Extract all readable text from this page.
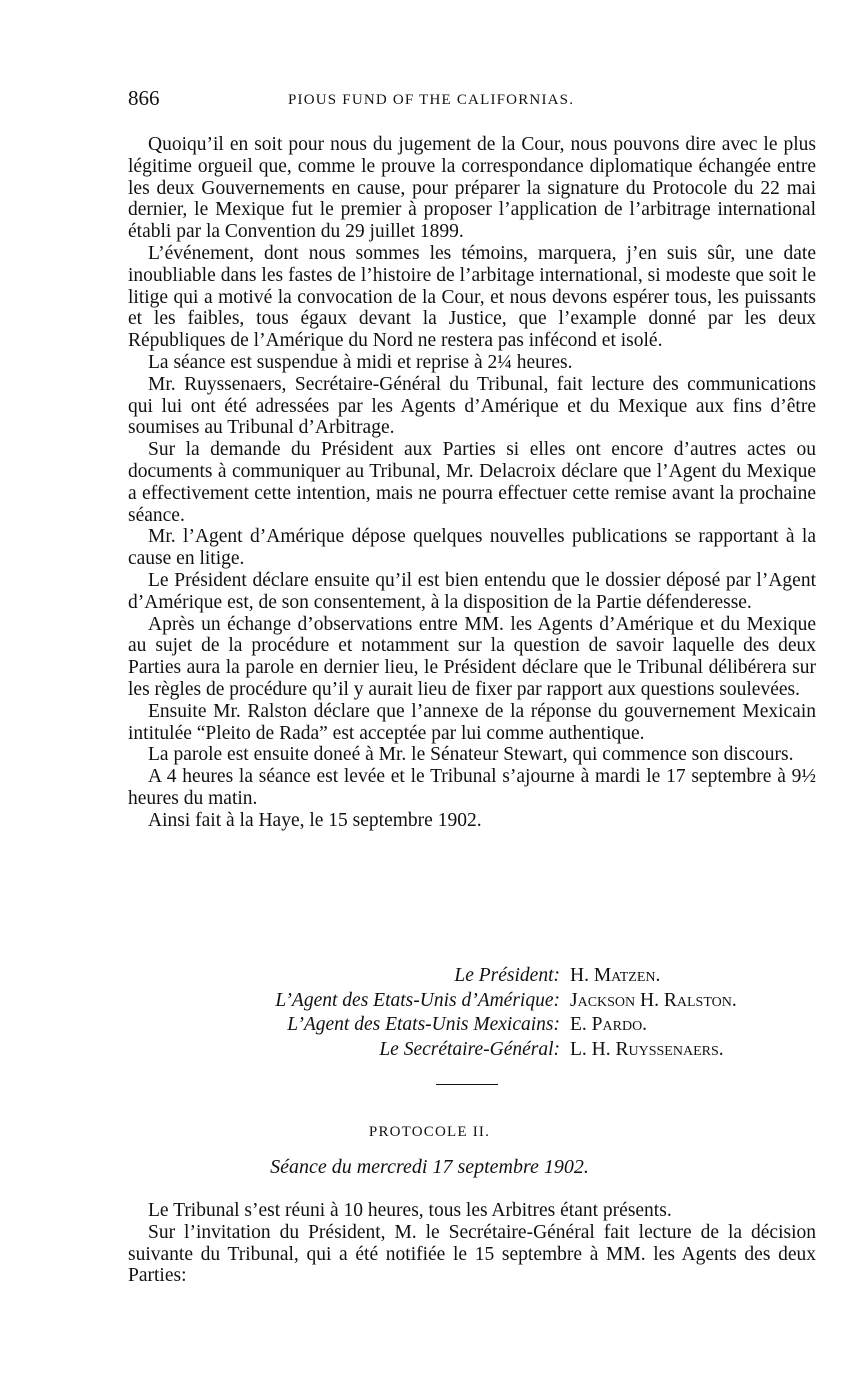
866	PIOUS FUND OF THE CALIFORNIAS.

Quoiqu’il en soit pour nous du jugement de la Cour, nous pouvons dire avec le plus légitime orgueil que, comme le prouve la correspondance diplomatique échangée entre les deux Gouvernements en cause, pour préparer la signature du Protocole du 22 mai dernier, le Mexique fut le premier à proposer l’application de l’arbitrage international établi par la Convention du 29 juillet 1899.

L’événement, dont nous sommes les témoins, marquera, j’en suis sûr, une date inoubliable dans les fastes de l’histoire de l’arbitage international, si modeste que soit le litige qui a motivé la convocation de la Cour, et nous devons espérer tous, les puissants et les faibles, tous égaux devant la Justice, que l’example donné par les deux Républiques de l’Amérique du Nord ne restera pas infécond et isolé.

La séance est suspendue à midi et reprise à 2¼ heures.

Mr. Ruyssenaers, Secrétaire-Général du Tribunal, fait lecture des communications qui lui ont été adressées par les Agents d’Amérique et du Mexique aux fins d’être soumises au Tribunal d’Arbitrage.

Sur la demande du Président aux Parties si elles ont encore d’autres actes ou documents à communiquer au Tribunal, Mr. Delacroix déclare que l’Agent du Mexique a effectivement cette intention, mais ne pourra effectuer cette remise avant la prochaine séance.

Mr. l’Agent d’Amérique dépose quelques nouvelles publications se rapportant à la cause en litige.

Le Président déclare ensuite qu’il est bien entendu que le dossier déposé par l’Agent d’Amérique est, de son consentement, à la disposition de la Partie défenderesse.

Après un échange d’observations entre MM. les Agents d’Amérique et du Mexique au sujet de la procédure et notamment sur la question de savoir laquelle des deux Parties aura la parole en dernier lieu, le Président déclare que le Tribunal délibérera sur les règles de procédure qu’il y aurait lieu de fixer par rapport aux questions soulevées.

Ensuite Mr. Ralston déclare que l’annexe de la réponse du gouvernement Mexicain intitulée “Pleito de Rada” est acceptée par lui comme authentique.

La parole est ensuite doneé à Mr. le Sénateur Stewart, qui commence son discours.

A 4 heures la séance est levée et le Tribunal s’ajourne à mardi le 17 septembre à 9½ heures du matin.

Ainsi fait à la Haye, le 15 septembre 1902.

Le Président:	H. Matzen.
L’Agent des Etats-Unis d’Amérique:	Jackson H. Ralston.
L’Agent des Etats-Unis Mexicains:	E. Pardo.
Le Secrétaire-Général:	L. H. Ruyssenaers.
PROTOCOLE II.
Séance du mercredi 17 septembre 1902.

Le Tribunal s’est réuni à 10 heures, tous les Arbitres étant présents.

Sur l’invitation du Président, M. le Secrétaire-Général fait lecture de la décision suivante du Tribunal, qui a été notifiée le 15 septembre à MM. les Agents des deux Parties:
